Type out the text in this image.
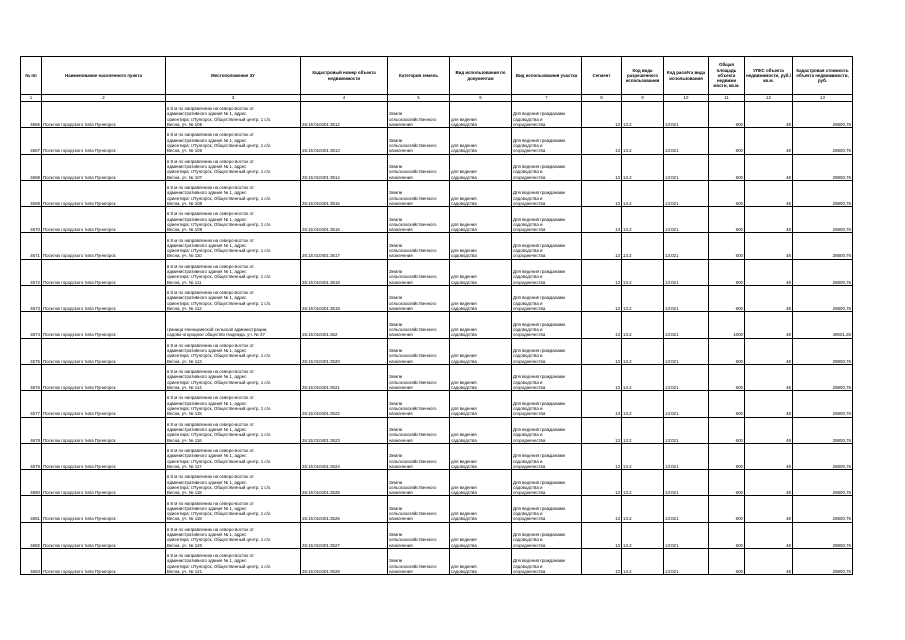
№ пп	Наименование населенного пункта	Местоположение ЗУ	Кадастровый номер объекта недвижимости	Категория земель	Вид использования по документам	Вид использования участка	Сегмент	Код вида разрешенного использования	Код расчёта вида использования	Общая площадь объекта недвижи мости, кв.м.	УПКС объекта недвижимости, руб./кв.м.	Кадастровая стоимость объекта недвижимости, руб.
1	2	3	4	5	6	7	8	9	10	11	12	13

4666	Поселок городского типа Пуннгорск	в 8 м по направлению на северо-восток от
административного здания № 1, адрес
ориентира: г.Пунгорск, Общественный центр, 1 с/о
Весна, уч. № 105	26:15:010401:3512	Земли
сельскохозяйственного
назначения	для ведения
садоводства	Для ведения гражданами
садоводства и
огородничества	13	13.2	13:021	600	48	28800,76

4667	Поселок городского типа Пуннгорск	в 8 м по направлению на северо-восток от
административного здания № 1, адрес
ориентира: г.Пунгорск, Общественный центр, 1 с/о
Весна, уч. № 106	26:15:010401:3513	Земли
сельскохозяйственного
назначения	для ведения
садоводства	Для ведения гражданами
садоводства и
огородничества	13	13.2	13:021	600	48	28800,76

4668	Поселок городского типа Пуннгорск	в 8 м по направлению на северо-восток от
административного здания № 1, адрес
ориентира: г.Пунгорск, Общественный центр, 1 с/о
Весна, уч. № 107	26:15:010401:3514	Земли
сельскохозяйственного
назначения	для ведения
садоводства	Для ведения гражданами
садоводства и
огородничества	13	13.2	13:021	600	48	28800,76

4669	Поселок городского типа Пуннгорск	в 8 м по направлению на северо-восток от
административного здания № 1, адрес
ориентира: г.Пунгорск, Общественный центр, 1 с/о
Весна, уч. № 108	26:15:010401:3515	Земли
сельскохозяйственного
назначения	для ведения
садоводства	Для ведения гражданами
садоводства и
огородничества	13	13.2	13:021	600	48	28800,76

4670	Поселок городского типа Пуннгорск	в 8 м по направлению на северо-восток от
административного здания № 1, адрес
ориентира: г.Пунгорск, Общественный центр, 1 с/о
Весна, уч. № 109	26:15:010401:3516	Земли
сельскохозяйственного
назначения	для ведения
садоводства	Для ведения гражданами
садоводства и
огородничества	13	13.2	13:021	600	48	28800,76

4671	Поселок городского типа Пуннгорск	в 8 м по направлению на северо-восток от
административного здания № 1, адрес
ориентира: г.Пунгорск, Общественный центр, 1 с/о
Весна, уч. № 110	26:15:010401:3517	Земли
сельскохозяйственного
назначения	для ведения
садоводства	Для ведения гражданами
садоводства и
огородничества	13	13.2	13:021	600	48	28800,76

4672	Поселок городского типа Пуннгорск	в 8 м по направлению на северо-восток от
административного здания № 1, адрес
ориентира: г.Пунгорск, Общественный центр, 1 с/о
Весна, уч. № 111	26:15:010401:3518	Земли
сельскохозяйственного
назначения	для ведения
садоводства	Для ведения гражданами
садоводства и
огородничества	13	13.2	13:021	600	48	28800,76

4673	Поселок городского типа Пуннгорск	в 8 м по направлению на северо-восток от
административного здания № 1, адрес
ориентира: г.Пунгорск, Общественный центр, 1 с/о
Весна, уч. № 112	26:15:010401:3519	Земли
сельскохозяйственного
назначения	для ведения
садоводства	Для ведения гражданами
садоводства и
огородничества	13	13.2	13:021	600	48	28800,76

4674	Поселок городского типа Пуннгорск	
граница Ненецкинской сельской администрации,
садово-огородное общество Надежда, уч. № 37	26:15:010401:362	Земли
сельскохозяйственного
назначения	для ведения
садоводства	Для ведения гражданами
садоводства и
огородничества	13	13.2	13:021	1000	48	48001,26

4675	Поселок городского типа Пуннгорск	в 8 м по направлению на северо-восток от
административного здания № 1, адрес
ориентира: г.Пунгорск, Общественный центр, 1 с/о
Весна, уч. № 113	26:15:010401:3520	Земли
сельскохозяйственного
назначения	для ведения
садоводства	Для ведения гражданами
садоводства и
огородничества	13	13.2	13:021	600	48	28800,76

4676	Поселок городского типа Пуннгорск	в 8 м по направлению на северо-восток от
административного здания № 1, адрес
ориентира: г.Пунгорск, Общественный центр, 1 с/о
Весна, уч. № 114	26:15:010401:3521	Земли
сельскохозяйственного
назначения	для ведения
садоводства	Для ведения гражданами
садоводства и
огородничества	13	13.2	13:021	600	48	28800,76

4677	Поселок городского типа Пуннгорск	в 8 м по направлению на северо-восток от
административного здания № 1, адрес
ориентира: г.Пунгорск, Общественный центр, 1 с/о
Весна, уч. № 115	26:15:010401:3522	Земли
сельскохозяйственного
назначения	для ведения
садоводства	Для ведения гражданами
садоводства и
огородничества	13	13.2	13:021	600	48	28800,76

4678	Поселок городского типа Пуннгорск	в 8 м по направлению на северо-восток от
административного здания № 1, адрес
ориентира: г.Пунгорск, Общественный центр, 1 с/о
Весна, уч. № 116	26:15:010401:3523	Земли
сельскохозяйственного
назначения	для ведения
садоводства	Для ведения гражданами
садоводства и
огородничества	13	13.2	13:021	600	48	28800,76

4679	Поселок городского типа Пуннгорск	в 8 м по направлению на северо-восток от
административного здания № 1, адрес
ориентира: г.Пунгорск, Общественный центр, 1 с/о
Весна, уч. № 117	26:15:010401:3524	Земли
сельскохозяйственного
назначения	для ведения
садоводства	Для ведения гражданами
садоводства и
огородничества	13	13.2	13:021	600	48	28800,76

4680	Поселок городского типа Пуннгорск	в 8 м по направлению на северо-восток от
административного здания № 1, адрес
ориентира: г.Пунгорск, Общественный центр, 1 с/о
Весна, уч. № 118	26:15:010401:3525	Земли
сельскохозяйственного
назначения	для ведения
садоводства	Для ведения гражданами
садоводства и
огородничества	13	13.2	13:021	600	48	28800,76

4681	Поселок городского типа Пуннгорск	в 8 м по направлению на северо-восток от
административного здания № 1, адрес
ориентира: г.Пунгорск, Общественный центр, 1 с/о
Весна, уч. № 119	26:15:010401:3526	Земли
сельскохозяйственного
назначения	для ведения
садоводства	Для ведения гражданами
садоводства и
огородничества	13	13.2	13:021	600	48	28800,76

4682	Поселок городского типа Пуннгорск	в 8 м по направлению на северо-восток от
административного здания № 1, адрес
ориентира: г.Пунгорск, Общественный центр, 1 с/о
Весна, уч. № 120	26:15:010401:3527	Земли
сельскохозяйственного
назначения	для ведения
садоводства	Для ведения гражданами
садоводства и
огородничества	13	13.2	13:021	600	48	28800,76

4683	Поселок городского типа Пуннгорск	в 8 м по направлению на северо-восток от
административного здания № 1, адрес
ориентира: г.Пунгорск, Общественный центр, 1 с/о
Весна, уч. № 121	26:15:010401:3528	Земли
сельскохозяйственного
назначения	для ведения
садоводства	Для ведения гражданами
садоводства и
огородничества	13	13.2	13:021	600	48	28800,76
